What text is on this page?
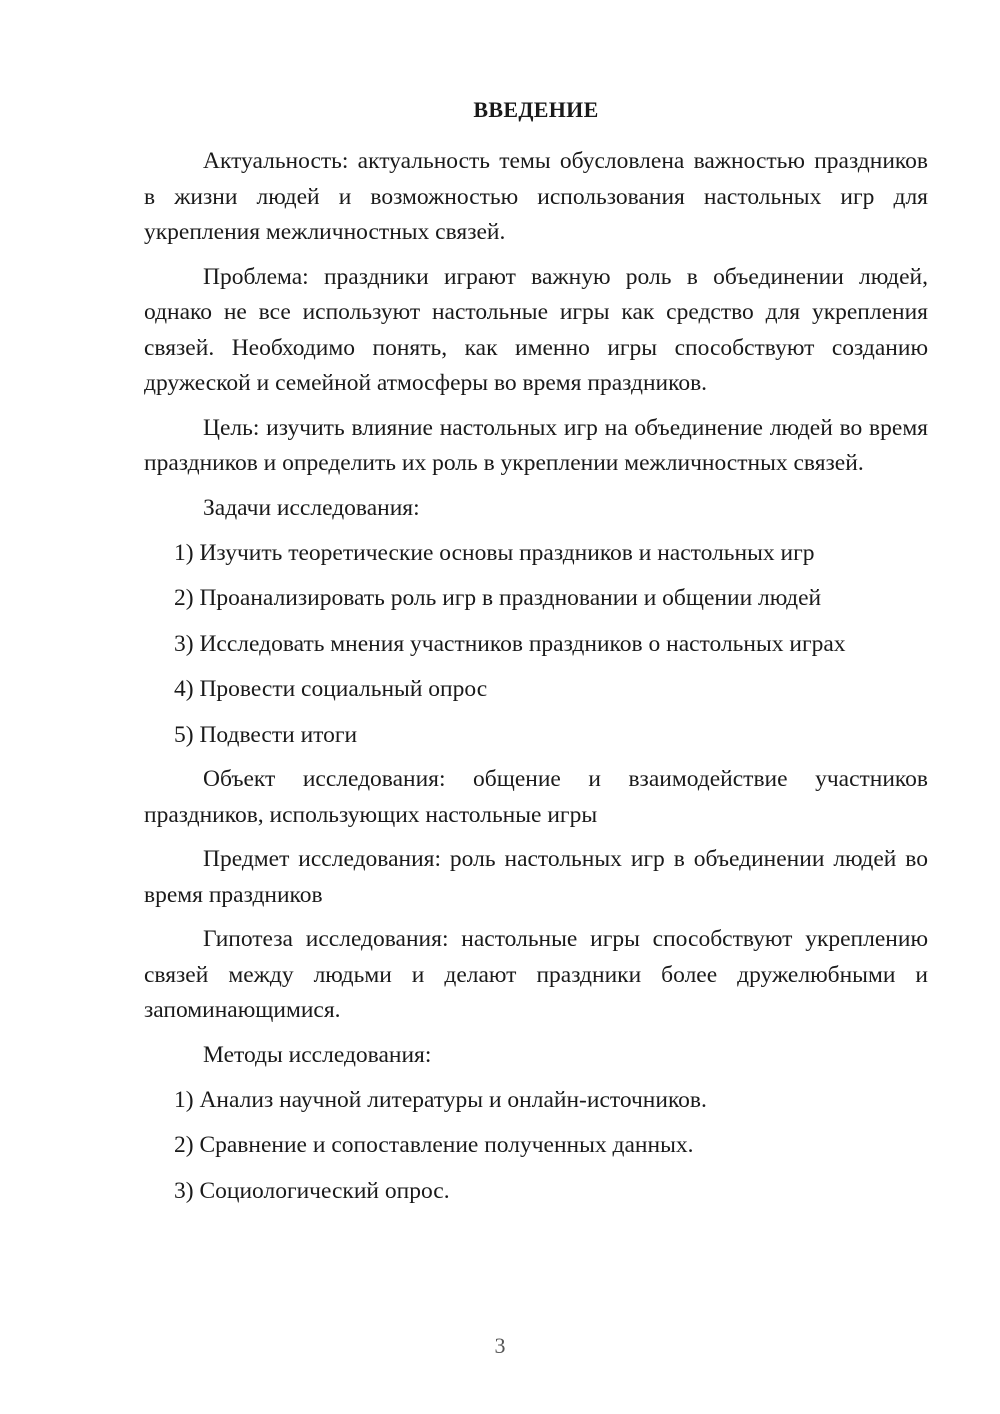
ВВЕДЕНИЕ

Актуальность: актуальность темы обусловлена важностью праздников в жизни людей и возможностью использования настольных игр для укрепления межличностных связей.

Проблема: праздники играют важную роль в объединении людей, однако не все используют настольные игры как средство для укрепления связей. Необходимо понять, как именно игры способствуют созданию дружеской и семейной атмосферы во время праздников.

Цель: изучить влияние настольных игр на объединение людей во время праздников и определить их роль в укреплении межличностных связей.

Задачи исследования:

1) Изучить теоретические основы праздников и настольных игр
2) Проанализировать роль игр в праздновании и общении людей
3) Исследовать мнения участников праздников о настольных играх
4) Провести социальный опрос
5) Подвести итоги

Объект исследования: общение и взаимодействие участников праздников, использующих настольные игры

Предмет исследования: роль настольных игр в объединении людей во время праздников

Гипотеза исследования: настольные игры способствуют укреплению связей между людьми и делают праздники более дружелюбными и запоминающимися.

Методы исследования:

1) Анализ научной литературы и онлайн-источников.
2) Сравнение и сопоставление полученных данных.
3) Социологический опрос.
3
